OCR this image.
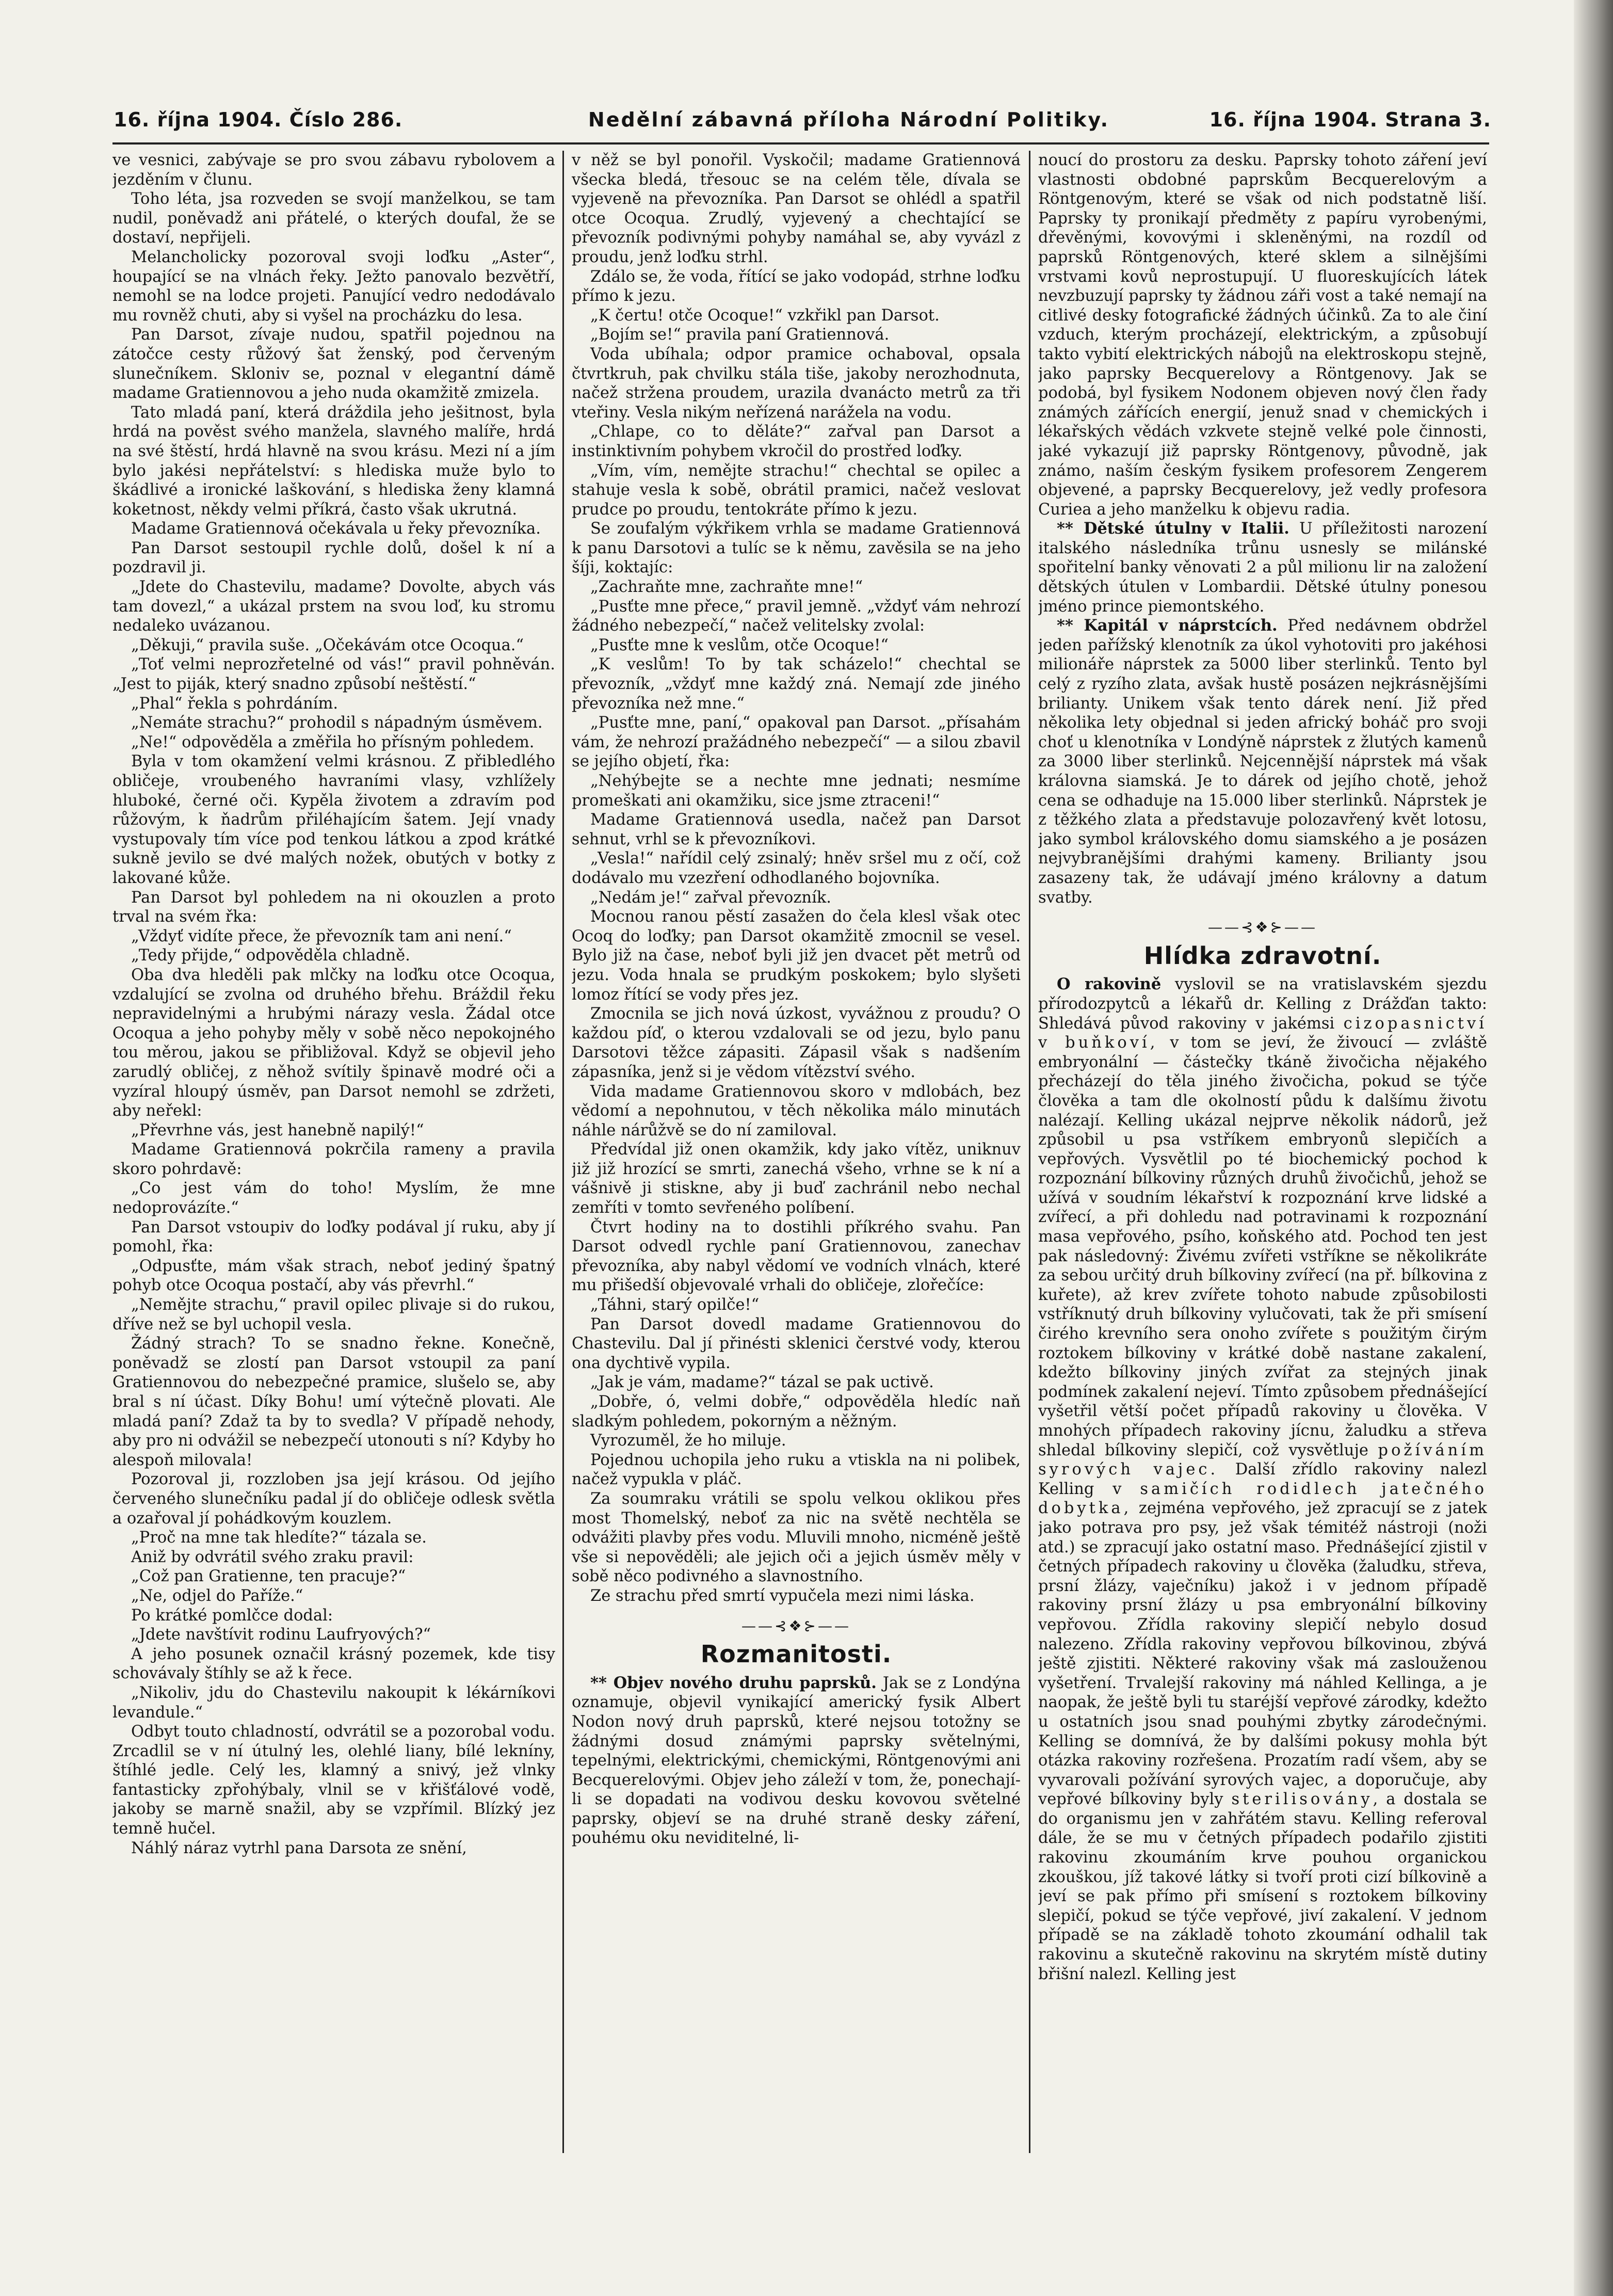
16. října 1904. Číslo 286.	Nedělní zábavná příloha Národní Politiky.	16. října 1904. Strana 3.

ve vesnici, zabývaje se pro svou zábavu rybolovem a jezděním v člunu.

Toho léta, jsa rozveden se svojí manželkou, se tam nudil, poněvadž ani přátelé, o kterých doufal, že se dostaví, nepřijeli.

Melancholicky pozoroval svoji loďku „Aster“, houpající se na vlnách řeky. Ježto panovalo bezvětří, nemohl se na lodce projeti. Panující vedro nedodávalo mu rovněž chuti, aby si vyšel na procházku do lesa.

Pan Darsot, zívaje nudou, spatřil pojednou na zátočce cesty růžový šat ženský, pod červeným slunečníkem. Skloniv se, poznal v elegantní dámě madame Gratiennovou a jeho nuda okamžitě zmizela.

Tato mladá paní, která dráždila jeho ješitnost, byla hrdá na pověst svého manžela, slavného malíře, hrdá na své štěstí, hrdá hlavně na svou krásu. Mezi ní a jím bylo jakési nepřátelství: s hlediska muže bylo to škádlivé a ironické laškování, s hlediska ženy klamná koketnost, někdy velmi příkrá, často však ukrutná.

Madame Gratiennová očekávala u řeky převozníka.

Pan Darsot sestoupil rychle dolů, došel k ní a pozdravil ji.

„Jdete do Chastevilu, madame? Dovolte, abych vás tam dovezl,“ a ukázal prstem na svou loď, ku stromu nedaleko uvázanou.

„Děkuji,“ pravila suše. „Očekávám otce Ocoqua.“

„Toť velmi neprozřetelné od vás!“ pravil pohněván. „Jest to piják, který snadno způsobí neštěstí.“

„Phal“ řekla s pohrdáním.

„Nemáte strachu?“ prohodil s nápadným úsměvem.

„Ne!“ odpověděla a změřila ho přísným pohledem.

Byla v tom okamžení velmi krásnou. Z přibledlého obličeje, vroubeného havraními vlasy, vzhlížely hluboké, černé oči. Kypěla životem a zdravím pod růžovým, k ňadrům přiléhajícím šatem. Její vnady vystupovaly tím více pod tenkou látkou a zpod krátké sukně jevilo se dvé malých nožek, obutých v botky z lakované kůže.

Pan Darsot byl pohledem na ni okouzlen a proto trval na svém řka:

„Vždyť vidíte přece, že převozník tam ani není.“

„Tedy přijde,“ odpověděla chladně.

Oba dva hleděli pak mlčky na loďku otce Ocoqua, vzdalující se zvolna od druhého břehu. Bráždil řeku nepravidelnými a hrubými nárazy vesla. Žádal otce Ocoqua a jeho pohyby měly v sobě něco nepokojného tou měrou, jakou se přibližoval. Když se objevil jeho zarudlý obličej, z něhož svítily špinavě modré oči a vyzíral hloupý úsměv, pan Darsot nemohl se zdržeti, aby neřekl:

„Převrhne vás, jest hanebně napilý!“

Madame Gratiennová pokrčila rameny a pravila skoro pohrdavě:

„Co jest vám do toho! Myslím, že mne nedoprovázíte.“

Pan Darsot vstoupiv do loďky podával jí ruku, aby jí pomohl, řka:

„Odpusťte, mám však strach, neboť jediný špatný pohyb otce Ocoqua postačí, aby vás převrhl.“

„Nemějte strachu,“ pravil opilec plivaje si do rukou, dříve než se byl uchopil vesla.

Žádný strach? To se snadno řekne. Konečně, poněvadž se zlostí pan Darsot vstoupil za paní Gratiennovou do nebezpečné pramice, slušelo se, aby bral s ní účast. Díky Bohu! umí výtečně plovati. Ale mladá paní? Zdaž ta by to svedla? V případě nehody, aby pro ni odvážil se nebezpečí utonouti s ní? Kdyby ho alespoň milovala!

Pozoroval ji, rozzloben jsa její krásou. Od jejího červeného slunečníku padal jí do obličeje odlesk světla a ozařoval jí pohádkovým kouzlem.

„Proč na mne tak hledíte?“ tázala se.

Aniž by odvrátil svého zraku pravil:

„Což pan Gratienne, ten pracuje?“

„Ne, odjel do Paříže.“

Po krátké pomlčce dodal:

„Jdete navštívit rodinu Laufryových?“

A jeho posunek označil krásný pozemek, kde tisy schovávaly štíhly se až k řece.

„Nikoliv, jdu do Chastevilu nakoupit k lékárníkovi levandule.“

Odbyt touto chladností, odvrátil se a pozorobal vodu. Zrcadlil se v ní útulný les, olehlé liany, bílé lekníny, štíhlé jedle. Celý les, klamný a snivý, jež vlnky fantasticky zpřohýbaly, vlnil se v křišťálové vodě, jakoby se marně snažil, aby se vzpřímil. Blízký jez temně hučel.

Náhlý náraz vytrhl pana Darsota ze snění,

v něž se byl ponořil. Vyskočil; madame Gratiennová všecka bledá, třesouc se na celém těle, dívala se vyjeveně na převozníka. Pan Darsot se ohlédl a spatřil otce Ocoqua. Zrudlý, vyjevený a chechtající se převozník podivnými pohyby namáhal se, aby vyvázl z proudu, jenž loďku strhl.

Zdálo se, že voda, řítící se jako vodopád, strhne loďku přímo k jezu.

„K čertu! otče Ocoque!“ vzkřikl pan Darsot.

„Bojím se!“ pravila paní Gratiennová.

Voda ubíhala; odpor pramice ochaboval, opsala čtvrtkruh, pak chvilku stála tiše, jakoby nerozhodnuta, načež stržena proudem, urazila dvanácto metrů za tři vteřiny. Vesla nikým neřízená narážela na vodu.

„Chlape, co to děláte?“ zařval pan Darsot a instinktivním pohybem vkročil do prostřed loďky.

„Vím, vím, nemějte strachu!“ chechtal se opilec a stahuje vesla k sobě, obrátil pramici, načež veslovat prudce po proudu, tentokráte přímo k jezu.

Se zoufalým výkřikem vrhla se madame Gratiennová k panu Darsotovi a tulíc se k němu, zavěsila se na jeho šíji, koktajíc:

„Zachraňte mne, zachraňte mne!“

„Pusťte mne přece,“ pravil jemně. „vždyť vám nehrozí žádného nebezpečí,“ načež velitelsky zvolal:

„Pusťte mne k veslům, otče Ocoque!“

„K veslům! To by tak scházelo!“ chechtal se převozník, „vždyť mne každý zná. Nemají zde jiného převozníka než mne.“

„Pusťte mne, paní,“ opakoval pan Darsot. „přísahám vám, že nehrozí pražádného nebezpečí“ — a silou zbavil se jejího objetí, řka:

„Nehýbejte se a nechte mne jednati; nesmíme promeškati ani okamžiku, sice jsme ztraceni!“

Madame Gratiennová usedla, načež pan Darsot sehnut, vrhl se k převozníkovi.

„Vesla!“ nařídil celý zsinalý; hněv sršel mu z očí, což dodávalo mu vzezření odhodlaného bojovníka.

„Nedám je!“ zařval převozník.

Mocnou ranou pěstí zasažen do čela klesl však otec Ocoq do loďky; pan Darsot okamžitě zmocnil se vesel. Bylo již na čase, neboť byli již jen dvacet pět metrů od jezu. Voda hnala se prudkým poskokem; bylo slyšeti lomoz řítící se vody přes jez.

Zmocnila se jich nová úzkost, vyvážnou z proudu? O každou píď, o kterou vzdalovali se od jezu, bylo panu Darsotovi těžce zápasiti. Zápasil však s nadšením zápasníka, jenž si je vědom vítězství svého.

Vida madame Gratiennovou skoro v mdlobách, bez vědomí a nepohnutou, v těch několika málo minutách náhle nárůžvě se do ní zamiloval.

Předvídal již onen okamžik, kdy jako vítěz, uniknuv již již hrozící se smrti, zanechá všeho, vrhne se k ní a vášnivě ji stiskne, aby ji buď zachránil nebo nechal zemříti v tomto sevřeného políbení.

Čtvrt hodiny na to dostihli příkrého svahu. Pan Darsot odvedl rychle paní Gratiennovou, zanechav převozníka, aby nabyl vědomí ve vodních vlnách, které mu přišedší objevovalé vrhali do obličeje, zlořečíce:

„Táhni, starý opilče!“

Pan Darsot dovedl madame Gratiennovou do Chastevilu. Dal jí přinésti sklenici čerstvé vody, kterou ona dychtivě vypila.

„Jak je vám, madame?“ tázal se pak uctivě.

„Dobře, ó, velmi dobře,“ odpověděla hledíc naň sladkým pohledem, pokorným a něžným.

Vyrozuměl, že ho miluje.

Pojednou uchopila jeho ruku a vtiskla na ni polibek, načež vypukla v pláč.

Za soumraku vrátili se spolu velkou oklikou přes most Thomelský, neboť za nic na světě nechtěla se odvážiti plavby přes vodu. Mluvili mnoho, nicméně ještě vše si nepověděli; ale jejich oči a jejich úsměv měly v sobě něco podivného a slavnostního.

Ze strachu před smrtí vypučela mezi nimi láska.

——⊰❖⊱——
Rozmanitosti.

** Objev nového druhu paprsků. Jak se z Londýna oznamuje, objevil vynikající americký fysik Albert Nodon nový druh paprsků, které nejsou totožny se žádnými dosud známými paprsky světelnými, tepelnými, elektrickými, chemickými, Röntgenovými ani Becquerelovými. Objev jeho záleží v tom, že, ponechají-li se dopadati na vodivou desku kovovou světelné paprsky, objeví se na druhé straně desky záření, pouhému oku neviditelné, li-

noucí do prostoru za desku. Paprsky tohoto záření jeví vlastnosti obdobné paprskům Becquerelovým a Röntgenovým, které se však od nich podstatně liší. Paprsky ty pronikají předměty z papíru vyrobenými, dřevěnými, kovovými i skleněnými, na rozdíl od paprsků Röntgenových, které sklem a silnějšími vrstvami kovů neprostupují. U fluoreskujících látek nevzbuzují paprsky ty žádnou záři vost a také nemají na citlivé desky fotografické žádných účinků. Za to ale činí vzduch, kterým procházejí, elektrickým, a způsobují takto vybití elektrických nábojů na elektroskopu stejně, jako paprsky Becquerelovy a Röntgenovy. Jak se podobá, byl fysikem Nodonem objeven nový člen řady známých zářících energií, jenuž snad v chemických i lékařských vědách vzkvete stejně velké pole činnosti, jaké vykazují již paprsky Röntgenovy, původně, jak známo, naším českým fysikem profesorem Zengerem objevené, a paprsky Becquerelovy, jež vedly profesora Curiea a jeho manželku k objevu radia.

** Dětské útulny v Italii. U příležitosti narození italského následníka trůnu usnesly se milánské spořitelní banky věnovati 2 a půl milionu lir na založení dětských útulen v Lombardii. Dětské útulny ponesou jméno prince piemontského.

** Kapitál v náprstcích. Před nedávnem obdržel jeden pařížský klenotník za úkol vyhotoviti pro jakéhosi milionáře náprstek za 5000 liber sterlinků. Tento byl celý z ryzího zlata, avšak hustě posázen nejkrásnějšími brilianty. Unikem však tento dárek není. Již před několika lety objednal si jeden africký boháč pro svoji choť u klenotníka v Londýně náprstek z žlutých kamenů za 3000 liber sterlinků. Nejcennější náprstek má však královna siamská. Je to dárek od jejího chotě, jehož cena se odhaduje na 15.000 liber sterlinků. Náprstek je z těžkého zlata a představuje polozavřený květ lotosu, jako symbol královského domu siamského a je posázen nejvybranějšími drahými kameny. Brilianty jsou zasazeny tak, že udávají jméno královny a datum svatby.

——⊰❖⊱——
Hlídka zdravotní.

O rakovině vyslovil se na vratislavském sjezdu přírodozpytců a lékařů dr. Kelling z Drážďan takto: Shledává původ rakoviny v jakémsi cizopasnictví v buňkoví, v tom se jeví, že živoucí — zvláště embryonální — částečky tkáně živočicha nějakého přecházejí do těla jiného živočicha, pokud se týče člověka a tam dle okolností půdu k dalšímu životu nalézají. Kelling ukázal nejprve několik nádorů, jež způsobil u psa vstříkem embryonů slepičích a vepřových. Vysvětlil po té biochemický pochod k rozpoznání bílkoviny různých druhů živočichů, jehož se užívá v soudním lékařství k rozpoznání krve lidské a zvířecí, a při dohledu nad potravinami k rozpoznání masa vepřového, psího, koňského atd. Pochod ten jest pak následovný: Živému zvířeti vstříkne se několikráte za sebou určitý druh bílkoviny zvířecí (na př. bílkovina z kuřete), až krev zvířete tohoto nabude způsobilosti vstříknutý druh bílkoviny vylučovati, tak že při smísení čirého krevního sera onoho zvířete s použitým čirým roztokem bílkoviny v krátké době nastane zakalení, kdežto bílkoviny jiných zvířat za stejných jinak podmínek zakalení nejeví. Tímto způsobem přednášející vyšetřil větší počet případů rakoviny u člověka. V mnohých případech rakoviny jícnu, žaludku a střeva shledal bílkoviny slepičí, což vysvětluje požíváním syrových vajec. Další zřídlo rakoviny nalezl Kelling v samičích rodidlech jatečného dobytka, zejména vepřového, jež zpracují se z jatek jako potrava pro psy, jež však témitéž nástroji (noži atd.) se zpracují jako ostatní maso. Přednášející zjistil v četných případech rakoviny u člověka (žaludku, střeva, prsní žlázy, vaječníku) jakož i v jednom případě rakoviny prsní žlázy u psa embryonální bílkoviny vepřovou. Zřídla rakoviny slepičí nebylo dosud nalezeno. Zřídla rakoviny vepřovou bílkovinou, zbývá ještě zjistiti. Některé rakoviny však má zaslouženou vyšetření. Trvalejší rakoviny má náhled Kellinga, a je naopak, že ještě byli tu staréjší vepřové zárodky, kdežto u ostatních jsou snad pouhými zbytky zárodečnými. Kelling se domnívá, že by dalšími pokusy mohla být otázka rakoviny rozřešena. Prozatím radí všem, aby se vyvarovali požívání syrových vajec, a doporučuje, aby vepřové bílkoviny byly sterilisovány, a dostala se do organismu jen v zahřátém stavu. Kelling referoval dále, že se mu v četných případech podařilo zjistiti rakovinu zkoumáním krve pouhou organickou zkouškou, jíž takové látky si tvoří proti cizí bílkovině a jeví se pak přímo při smísení s roztokem bílkoviny slepičí, pokud se týče vepřové, jiví zakalení. V jednom případě se na základě tohoto zkoumání odhalil tak rakovinu a skutečně rakovinu na skrytém místě dutiny břišní nalezl. Kelling jest
